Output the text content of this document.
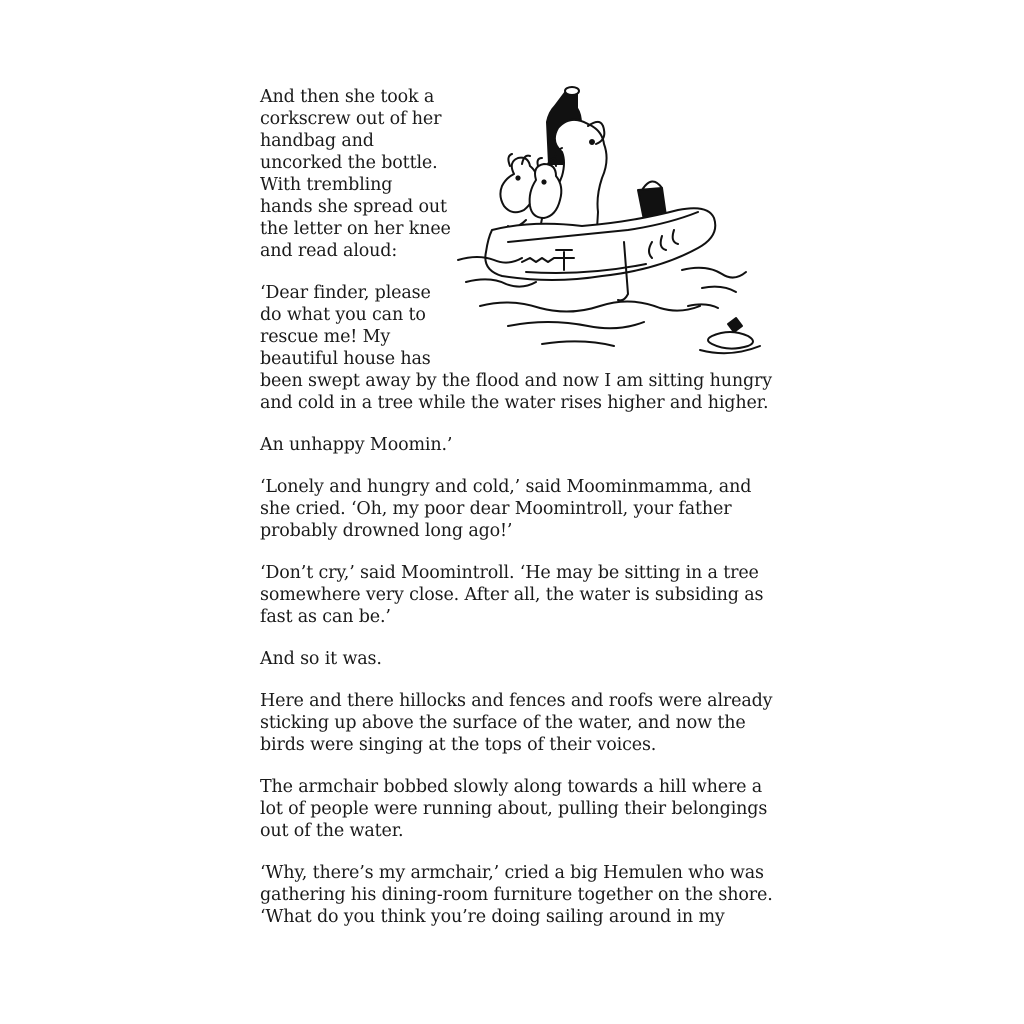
And then she took a
corkscrew out of her
handbag and
uncorked the bottle.
With trembling
hands she spread out
the letter on her knee
and read aloud:
‘Dear finder, please
do what you can to
rescue me! My
beautiful house has
been swept away by the flood and now I am sitting hungry
and cold in a tree while the water rises higher and higher.
An unhappy Moomin.’
‘Lonely and hungry and cold,’ said Moominmamma, and
she cried. ‘Oh, my poor dear Moomintroll, your father
probably drowned long ago!’
‘Don’t cry,’ said Moomintroll. ‘He may be sitting in a tree
somewhere very close. After all, the water is subsiding as
fast as can be.’
And so it was.
Here and there hillocks and fences and roofs were already
sticking up above the surface of the water, and now the
birds were singing at the tops of their voices.
The armchair bobbed slowly along towards a hill where a
lot of people were running about, pulling their belongings
out of the water.
‘Why, there’s my armchair,’ cried a big Hemulen who was
gathering his dining-room furniture together on the shore.
‘What do you think you’re doing sailing around in my
